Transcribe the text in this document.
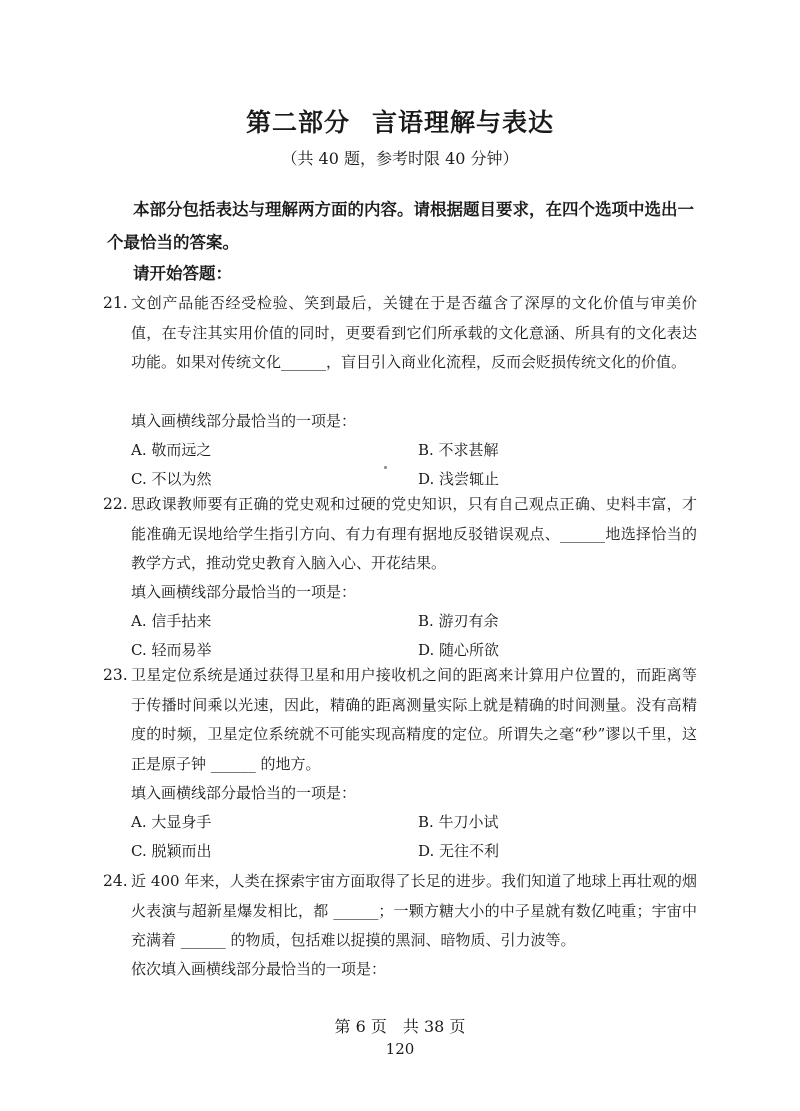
第二部分 言语理解与表达
（共 40 题，参考时限 40 分钟）
本部分包括表达与理解两方面的内容。请根据题目要求，在四个选项中选出一个最恰当的答案。
请开始答题：
21. 文创产品能否经受检验、笑到最后，关键在于是否蕴含了深厚的文化价值与审美价值，在专注其实用价值的同时，更要看到它们所承载的文化意涵、所具有的文化表达功能。如果对传统文化______，盲目引入商业化流程，反而会贬损传统文化的价值。
填入画横线部分最恰当的一项是：
A. 敬而远之	B. 不求甚解
C. 不以为然	D. 浅尝辄止
22. 思政课教师要有正确的党史观和过硬的党史知识，只有自己观点正确、史料丰富，才能准确无误地给学生指引方向、有力有理有据地反驳错误观点、______地选择恰当的教学方式，推动党史教育入脑入心、开花结果。
填入画横线部分最恰当的一项是：
A. 信手拈来	B. 游刃有余
C. 轻而易举	D. 随心所欲
23. 卫星定位系统是通过获得卫星和用户接收机之间的距离来计算用户位置的，而距离等于传播时间乘以光速，因此，精确的距离测量实际上就是精确的时间测量。没有高精度的时频，卫星定位系统就不可能实现高精度的定位。所谓失之毫“秒”谬以千里，这正是原子钟 ______ 的地方。
填入画横线部分最恰当的一项是：
A. 大显身手	B. 牛刀小试
C. 脱颖而出	D. 无往不利
24. 近 400 年来，人类在探索宇宙方面取得了长足的进步。我们知道了地球上再壮观的烟火表演与超新星爆发相比，都 ______；一颗方糖大小的中子星就有数亿吨重；宇宙中充满着 ______ 的物质，包括难以捉摸的黑洞、暗物质、引力波等。
依次填入画横线部分最恰当的一项是：
第 6 页　共 38 页
120
